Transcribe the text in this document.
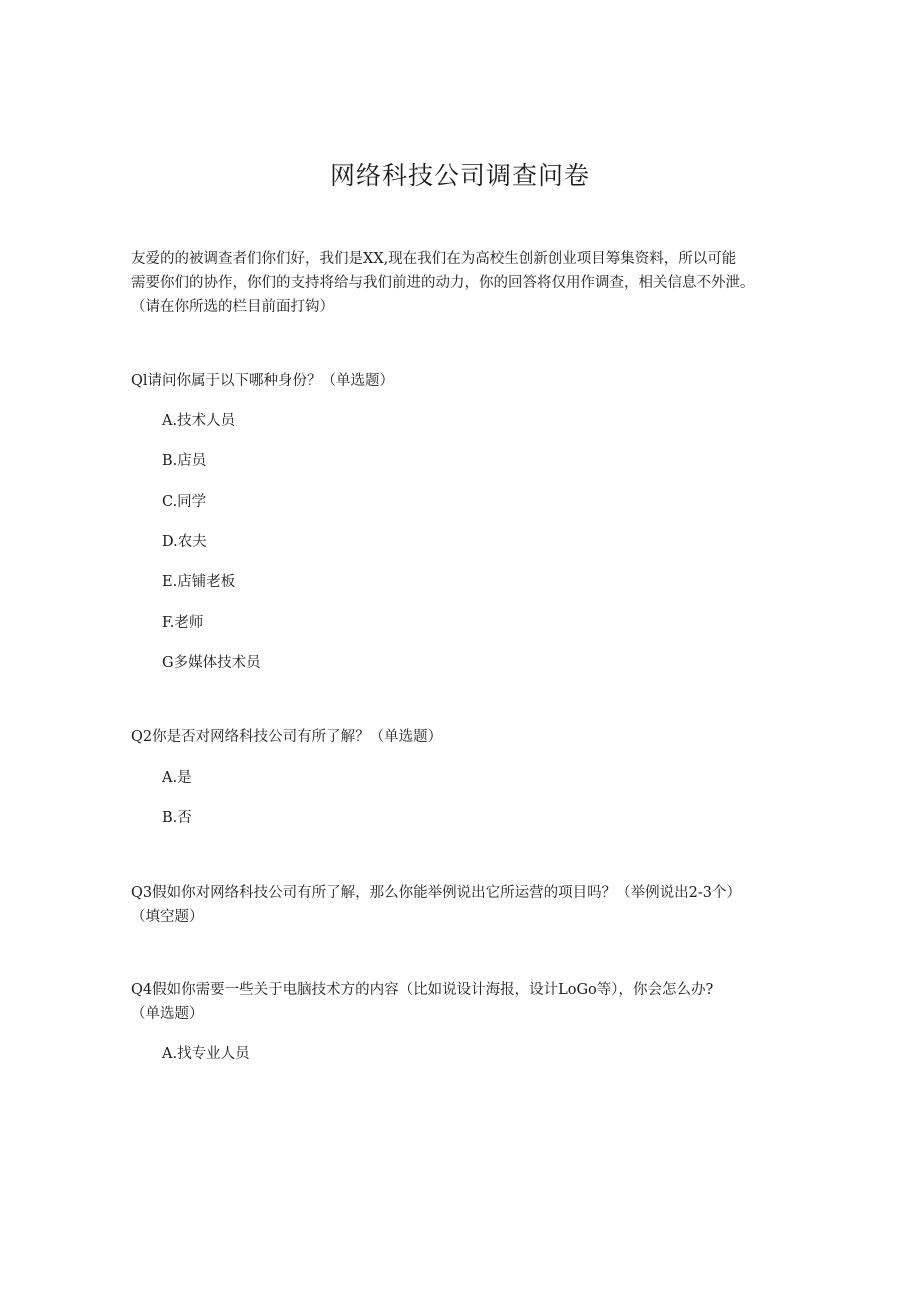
网络科技公司调查问卷
友爱的的被调查者们你们好，我们是XX,现在我们在为高校生创新创业项目筹集资料，所以可能
需要你们的协作，你们的支持将给与我们前进的动力，你的回答将仅用作调查，相关信息不外泄。
（请在你所选的栏目前面打钩）
Ql请问你属于以下哪种身份？（单选题）
A.技术人员
B.店员
C.同学
D.农夫
E.店铺老板
F.老师
G多媒体技术员
Q2你是否对网络科技公司有所了解？（单选题）
A.是
B.否
Q3假如你对网络科技公司有所了解，那么你能举例说出它所运营的项目吗？（举例说出2-3个）
（填空题）
Q4假如你需要一些关于电脑技术方的内容（比如说设计海报，设计LoGo等），你会怎么办?
（单选题）
A.找专业人员
